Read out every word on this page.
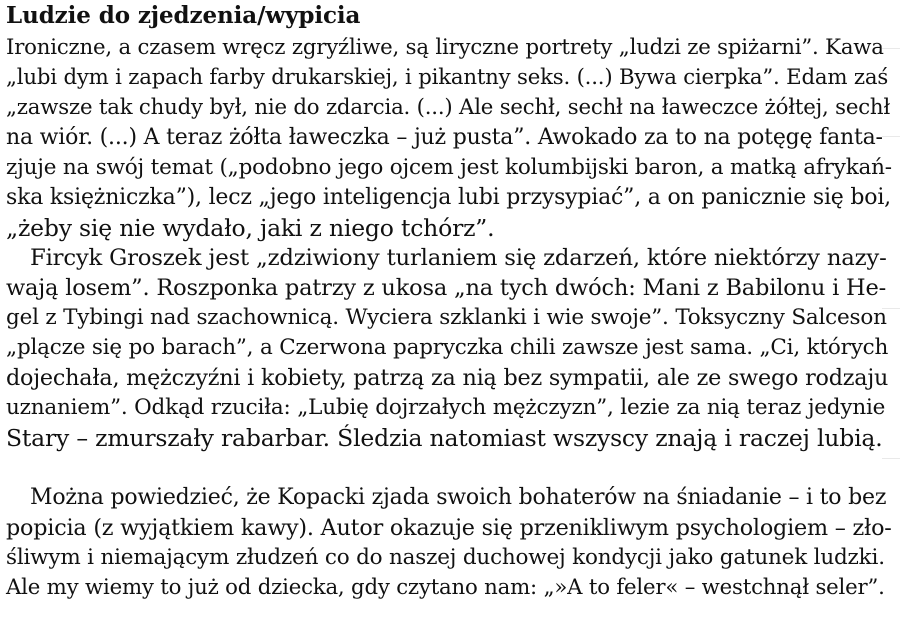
Ludzie do zjedzenia/wypicia
Ironiczne, a czasem wręcz zgryźliwe, są liryczne portrety „ludzi ze spiżarni”. Kawa
„lubi dym i zapach farby drukarskiej, i pikantny seks. (...) Bywa cierpka”. Edam zaś
„zawsze tak chudy był, nie do zdarcia. (...) Ale sechł, sechł na ławeczce żółtej, sechł
na wiór. (...) A teraz żółta ławeczka – już pusta”. Awokado za to na potęgę fanta-
zjuje na swój temat („podobno jego ojcem jest kolumbijski baron, a matką afrykań-
ska księżniczka”), lecz „jego inteligencja lubi przysypiać”, a on panicznie się boi,
„żeby się nie wydało, jaki z niego tchórz”.
Fircyk Groszek jest „zdziwiony turlaniem się zdarzeń, które niektórzy nazy-
wają losem”. Roszponka patrzy z ukosa „na tych dwóch: Mani z Babilonu i He-
gel z Tybingi nad szachownicą. Wyciera szklanki i wie swoje”. Toksyczny Salceson
„plącze się po barach”, a Czerwona papryczka chili zawsze jest sama. „Ci, których
dojechała, mężczyźni i kobiety, patrzą za nią bez sympatii, ale ze swego rodzaju
uznaniem”. Odkąd rzuciła: „Lubię dojrzałych mężczyzn”, lezie za nią teraz jedynie
Stary – zmurszały rabarbar. Śledzia natomiast wszyscy znają i raczej lubią.
Można powiedzieć, że Kopacki zjada swoich bohaterów na śniadanie – i to bez
popicia (z wyjątkiem kawy). Autor okazuje się przenikliwym psychologiem – zło-
śliwym i niemającym złudzeń co do naszej duchowej kondycji jako gatunek ludzki.
Ale my wiemy to już od dziecka, gdy czytano nam: „»A to feler« – westchnął seler”.
